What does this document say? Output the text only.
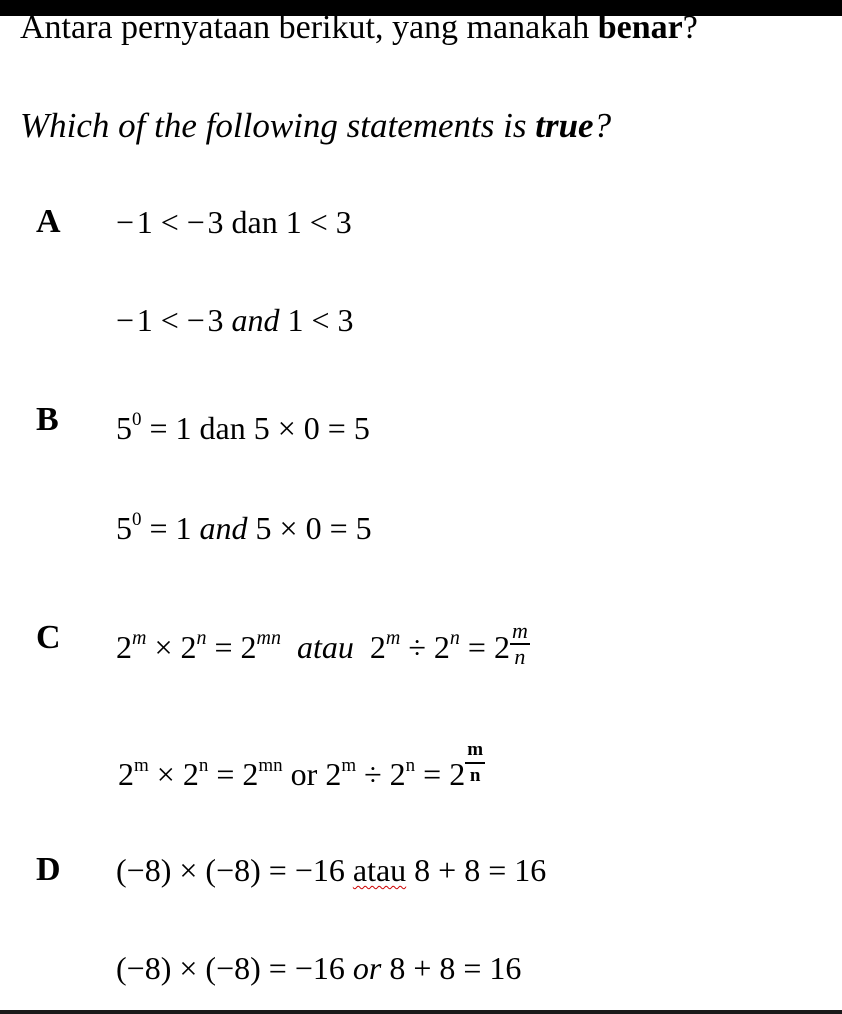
Antara pernyataan berikut, yang manakah benar?
Which of the following statements is true?
A − 1 < − 3 dan 1 < 3
− 1 < − 3 and 1 < 3
B $5^0 = 1$ dan 5 × 0 = 5
$5^0 = 1$ and 5 × 0 = 5
C $2^m \times 2^n = 2^{mn}$ atau $2^m \div 2^n = 2 \frac{m}{n}$
$2^m \times 2^n = 2^{mn}$ or $2^m \div 2^n = 2 \frac{m}{n}$
D (−8) × (−8) = −16 atau 8 + 8 = 16
(−8) × (−8) = −16 or 8 + 8 = 16
